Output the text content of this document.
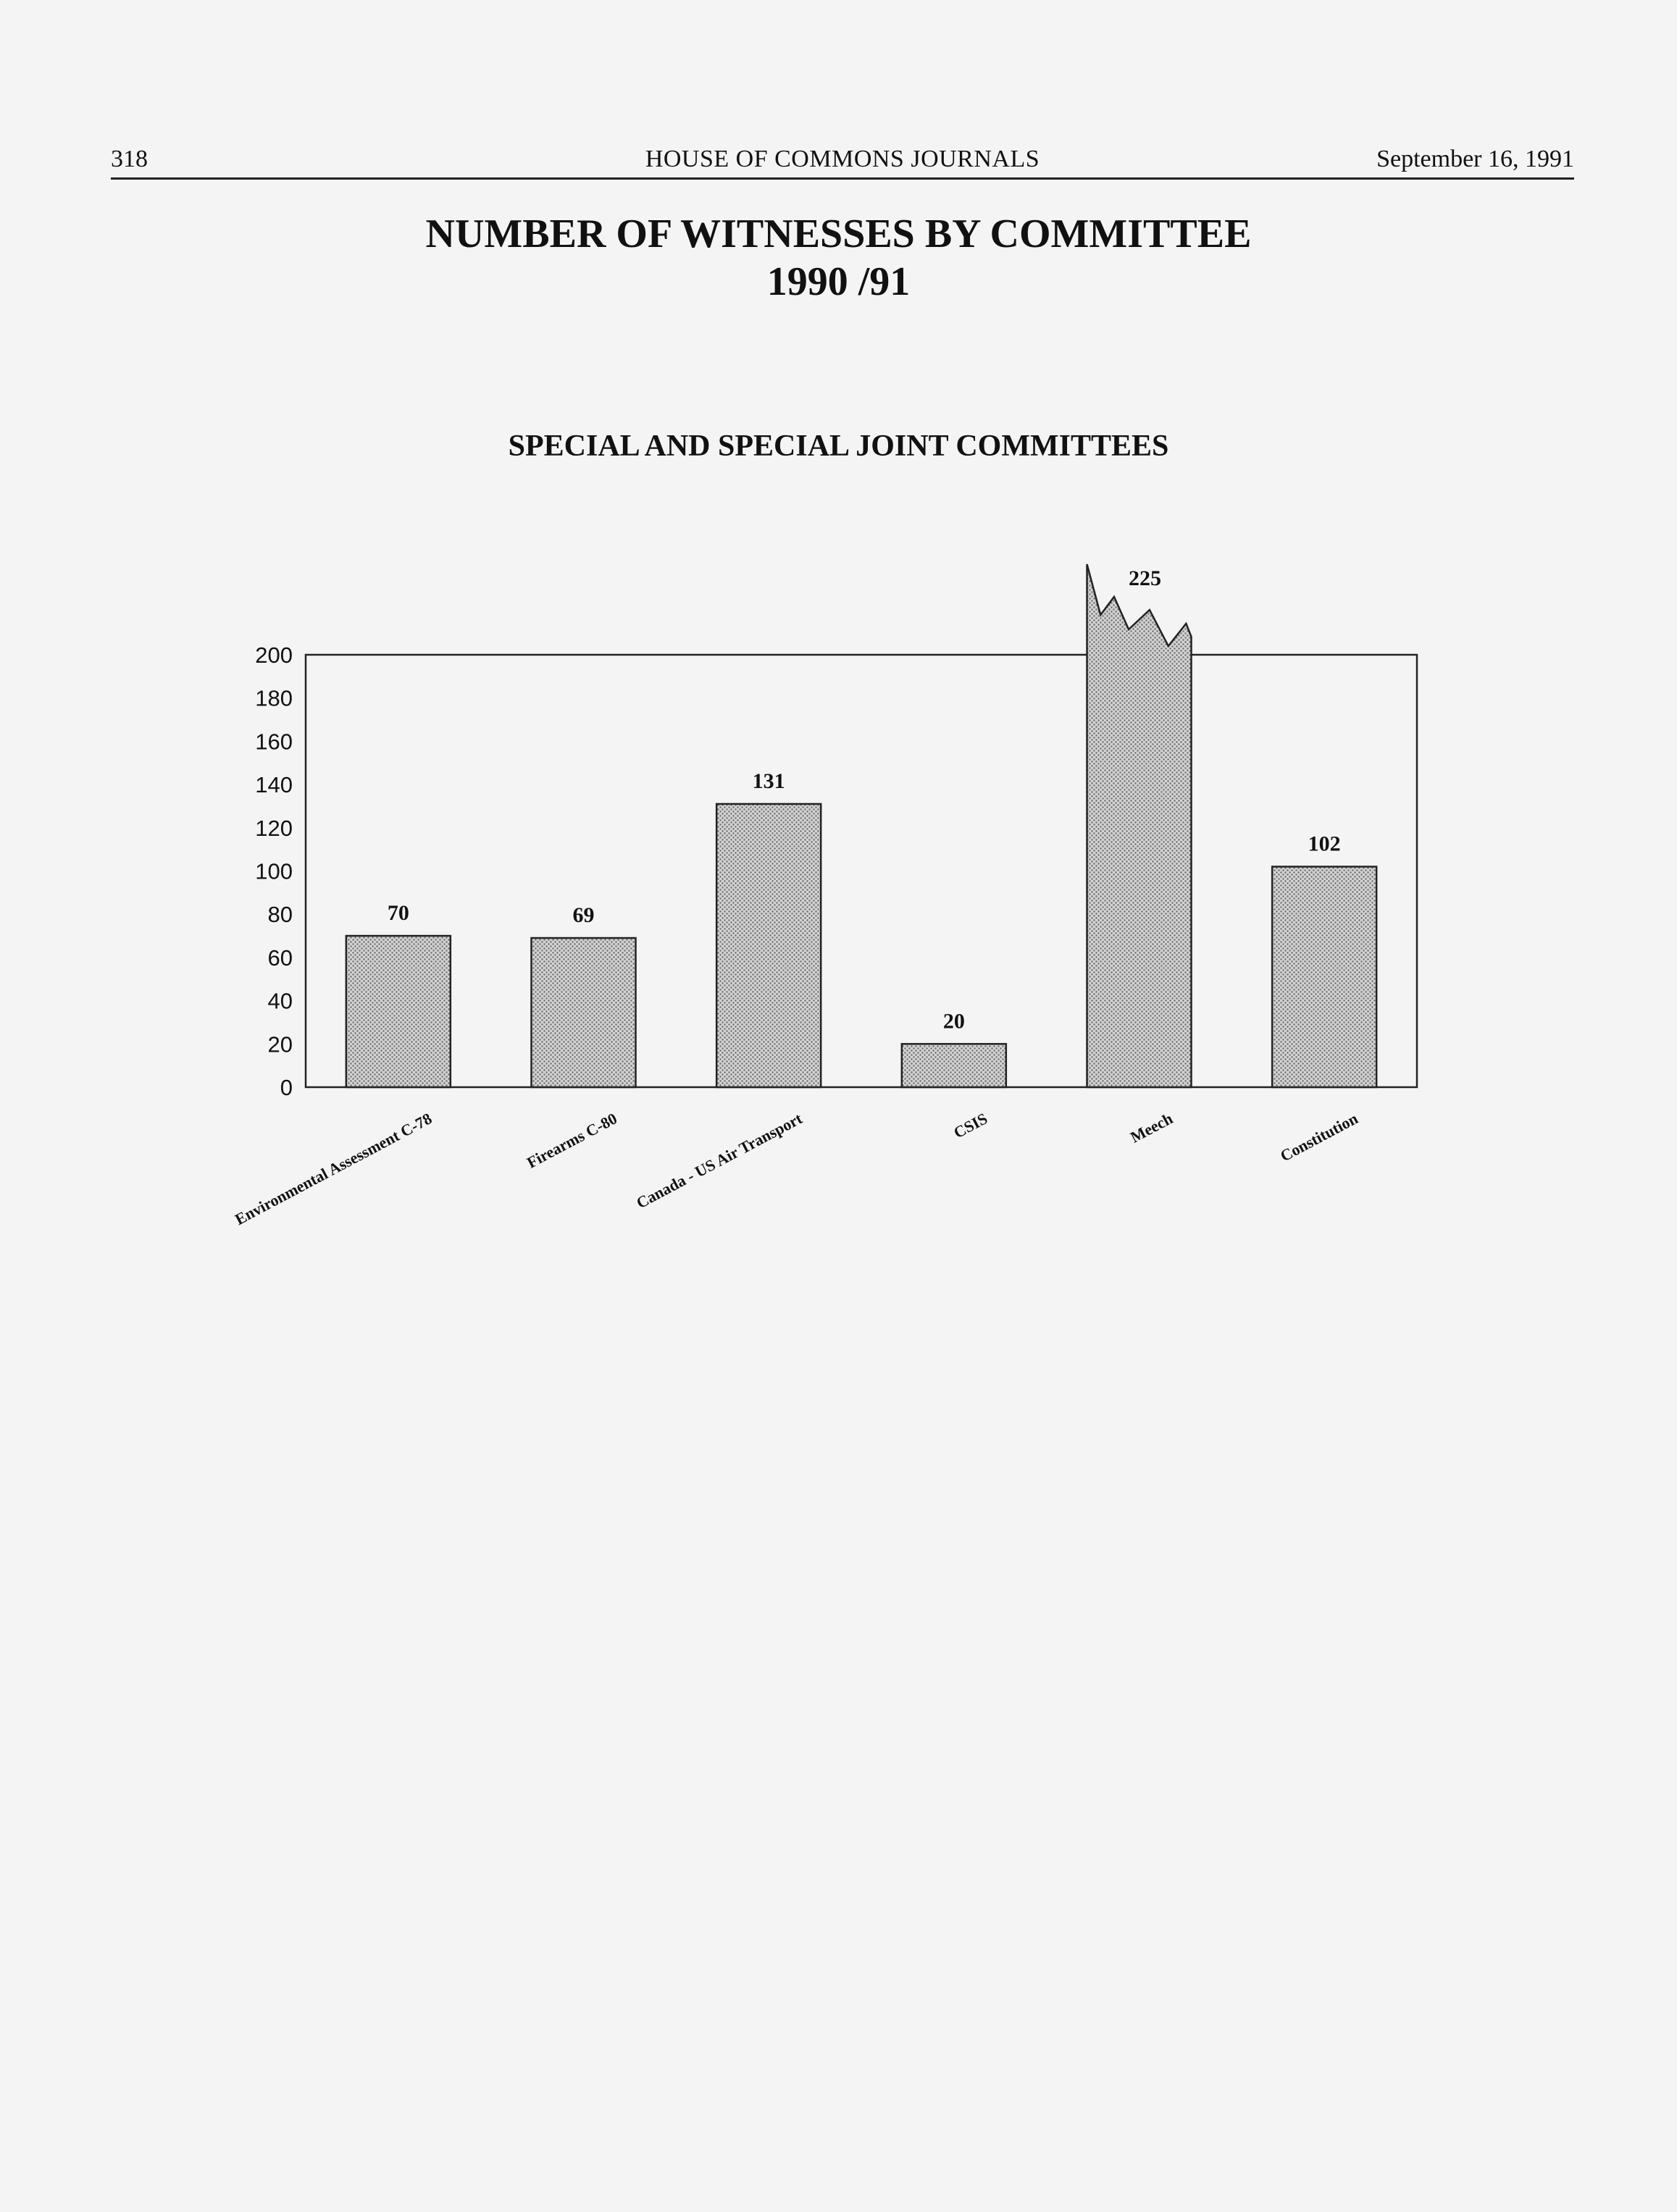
318	HOUSE OF COMMONS JOURNALS	September 16, 1991
NUMBER OF WITNESSES BY COMMITTEE
1990 /91
SPECIAL AND SPECIAL JOINT COMMITTEES
0
20
40
60
80
100
120
140
160
180
200
70	69
131
20
225
102
Environmental Assessment C-78	Firearms C-80 Canada - US Air Transport	CSIS	Meech	Constitution
